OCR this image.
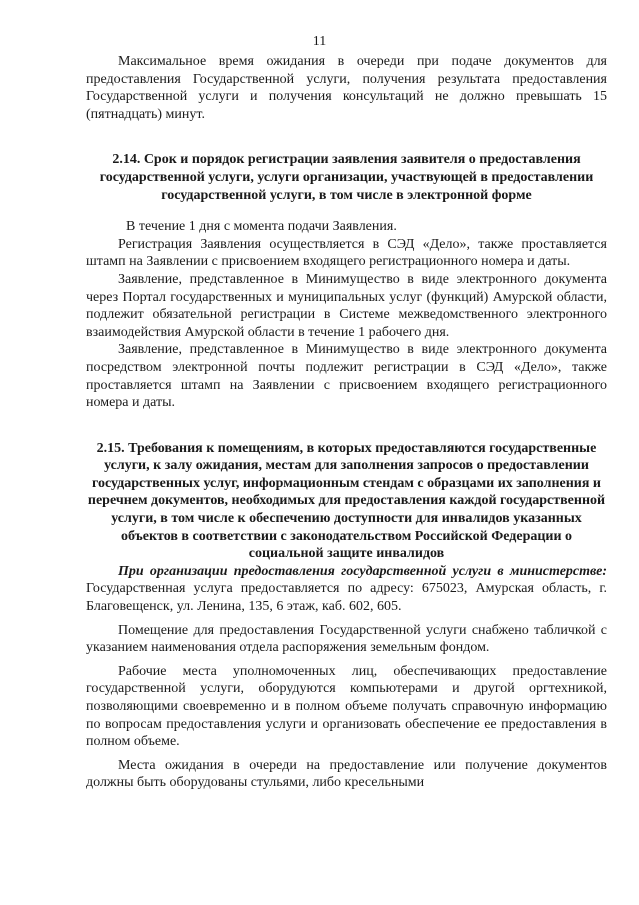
11

Максимальное время ожидания в очереди при подаче документов для предоставления Государственной услуги, получения результата предоставления Государственной услуги и получения консультаций не должно превышать 15 (пятнадцать) минут.

2.14. Срок и порядок регистрации заявления заявителя о предоставления государственной услуги, услуги организации, участвующей в предоставлении государственной услуги, в том числе в электронной форме

В течение 1 дня с момента подачи Заявления.

Регистрация Заявления осуществляется в СЭД «Дело», также проставляется штамп на Заявлении с присвоением входящего регистрационного номера и даты.

Заявление, представленное в Минимущество в виде электронного документа через Портал государственных и муниципальных услуг (функций) Амурской области, подлежит обязательной регистрации в Системе межведомственного электронного взаимодействия Амурской области в течение 1 рабочего дня.

Заявление, представленное в Минимущество в виде электронного документа посредством электронной почты подлежит регистрации в СЭД «Дело», также проставляется штамп на Заявлении с присвоением входящего регистрационного номера и даты.

2.15. Требования к помещениям, в которых предоставляются государственные услуги, к залу ожидания, местам для заполнения запросов о предоставлении государственных услуг, информационным стендам с образцами их заполнения и перечнем документов, необходимых для предоставления каждой государственной услуги, в том числе к обеспечению доступности для инвалидов указанных объектов в соответствии с законодательством Российской Федерации о социальной защите инвалидов

При организации предоставления государственной услуги в министерстве: Государственная услуга предоставляется по адресу: 675023, Амурская область, г. Благовещенск, ул. Ленина, 135, 6 этаж, каб. 602, 605.

Помещение для предоставления Государственной услуги снабжено табличкой с указанием наименования отдела распоряжения земельным фондом.

Рабочие места уполномоченных лиц, обеспечивающих предоставление государственной услуги, оборудуются компьютерами и другой оргтехникой, позволяющими своевременно и в полном объеме получать справочную информацию по вопросам предоставления услуги и организовать обеспечение ее предоставления в полном объеме.

Места ожидания в очереди на предоставление или получение документов должны быть оборудованы стульями, либо кресельными
